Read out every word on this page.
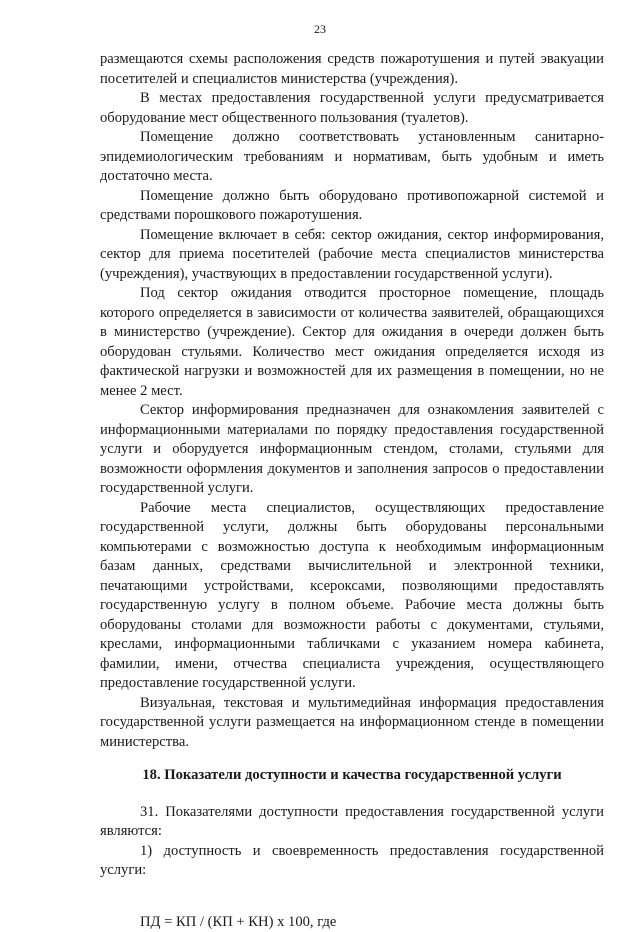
23

размещаются схемы расположения средств пожаротушения и путей эвакуации посетителей и специалистов министерства (учреждения).

В местах предоставления государственной услуги предусматривается оборудование мест общественного пользования (туалетов).

Помещение должно соответствовать установленным санитарно-эпидемиологическим требованиям и нормативам, быть удобным и иметь достаточно места.

Помещение должно быть оборудовано противопожарной системой и средствами порошкового пожаротушения.

Помещение включает в себя: сектор ожидания, сектор информирования, сектор для приема посетителей (рабочие места специалистов министерства (учреждения), участвующих в предоставлении государственной услуги).

Под сектор ожидания отводится просторное помещение, площадь которого определяется в зависимости от количества заявителей, обращающихся в министерство (учреждение). Сектор для ожидания в очереди должен быть оборудован стульями. Количество мест ожидания определяется исходя из фактической нагрузки и возможностей для их размещения в помещении, но не менее 2 мест.

Сектор информирования предназначен для ознакомления заявителей с информационными материалами по порядку предоставления государственной услуги и оборудуется информационным стендом, столами, стульями для возможности оформления документов и заполнения запросов о предоставлении государственной услуги.

Рабочие места специалистов, осуществляющих предоставление государственной услуги, должны быть оборудованы персональными компьютерами с возможностью доступа к необходимым информационным базам данных, средствами вычислительной и электронной техники, печатающими устройствами, ксероксами, позволяющими предоставлять государственную услугу в полном объеме. Рабочие места должны быть оборудованы столами для возможности работы с документами, стульями, креслами, информационными табличками с указанием номера кабинета, фамилии, имени, отчества специалиста учреждения, осуществляющего предоставление государственной услуги.

Визуальная, текстовая и мультимедийная информация предоставления государственной услуги размещается на информационном стенде в помещении министерства.

18. Показатели доступности и качества государственной услуги

31. Показателями доступности предоставления государственной услуги являются:

1) доступность и своевременность предоставления государственной услуги:

ПД = КП / (КП + КН) x 100, где
